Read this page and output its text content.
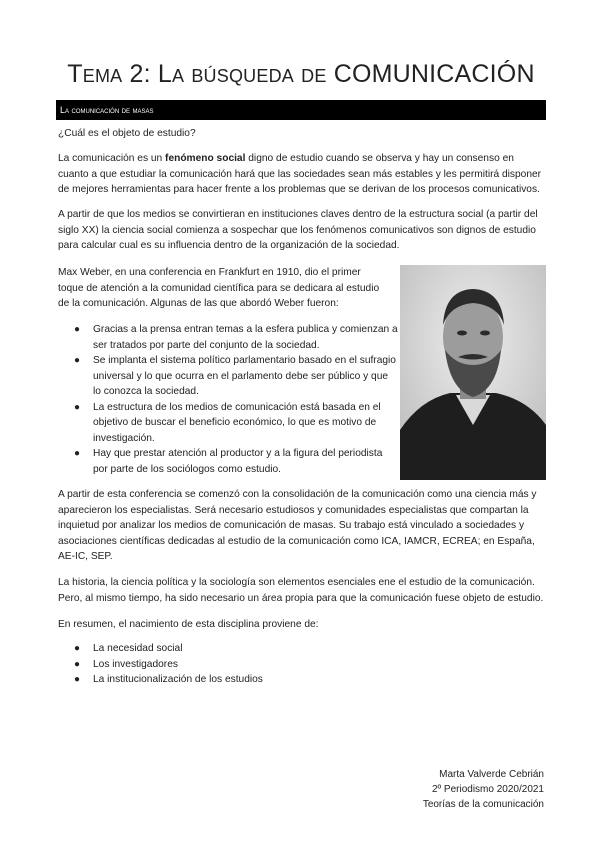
Tema 2: La búsqueda de COMUNICACIÓN
La comunicación de masas
¿Cuál es el objeto de estudio?
La comunicación es un fenómeno social digno de estudio cuando se observa y hay un consenso en cuanto a que estudiar la comunicación hará que las sociedades sean más estables y les permitirá disponer de mejores herramientas para hacer frente a los problemas que se derivan de los procesos comunicativos.
A partir de que los medios se convirtieran en instituciones claves dentro de la estructura social (a partir del siglo XX) la ciencia social comienza a sospechar que los fenómenos comunicativos son dignos de estudio para calcular cual es su influencia dentro de la organización de la sociedad.
Max Weber, en una conferencia en Frankfurt en 1910, dio el primer toque de atención a la comunidad científica para se dedicara al estudio de la comunicación. Algunas de las que abordó Weber fueron:
● Gracias a la prensa entran temas a la esfera publica y comienzan a ser tratados por parte del conjunto de la sociedad.
● Se implanta el sistema político parlamentario basado en el sufragio universal y lo que ocurra en el parlamento debe ser público y que lo conozca la sociedad.
● La estructura de los medios de comunicación está basada en el objetivo de buscar el beneficio económico, lo que es motivo de investigación.
● Hay que prestar atención al productor y a la figura del periodista por parte de los sociólogos como estudio.
A partir de esta conferencia se comenzó con la consolidación de la comunicación como una ciencia más y aparecieron los especialistas. Será necesario estudiosos y comunidades especialistas que compartan la inquietud por analizar los medios de comunicación de masas. Su trabajo está vinculado a sociedades y asociaciones científicas dedicadas al estudio de la comunicación como ICA, IAMCR, ECREA; en España, AE-IC, SEP.
La historia, la ciencia política y la sociología son elementos esenciales ene el estudio de la comunicación. Pero, al mismo tiempo, ha sido necesario un área propia para que la comunicación fuese objeto de estudio.
En resumen, el nacimiento de esta disciplina proviene de:
● La necesidad social
● Los investigadores
● La institucionalización de los estudios
Marta Valverde Cebrián
2º Periodismo 2020/2021
Teorías de la comunicación
